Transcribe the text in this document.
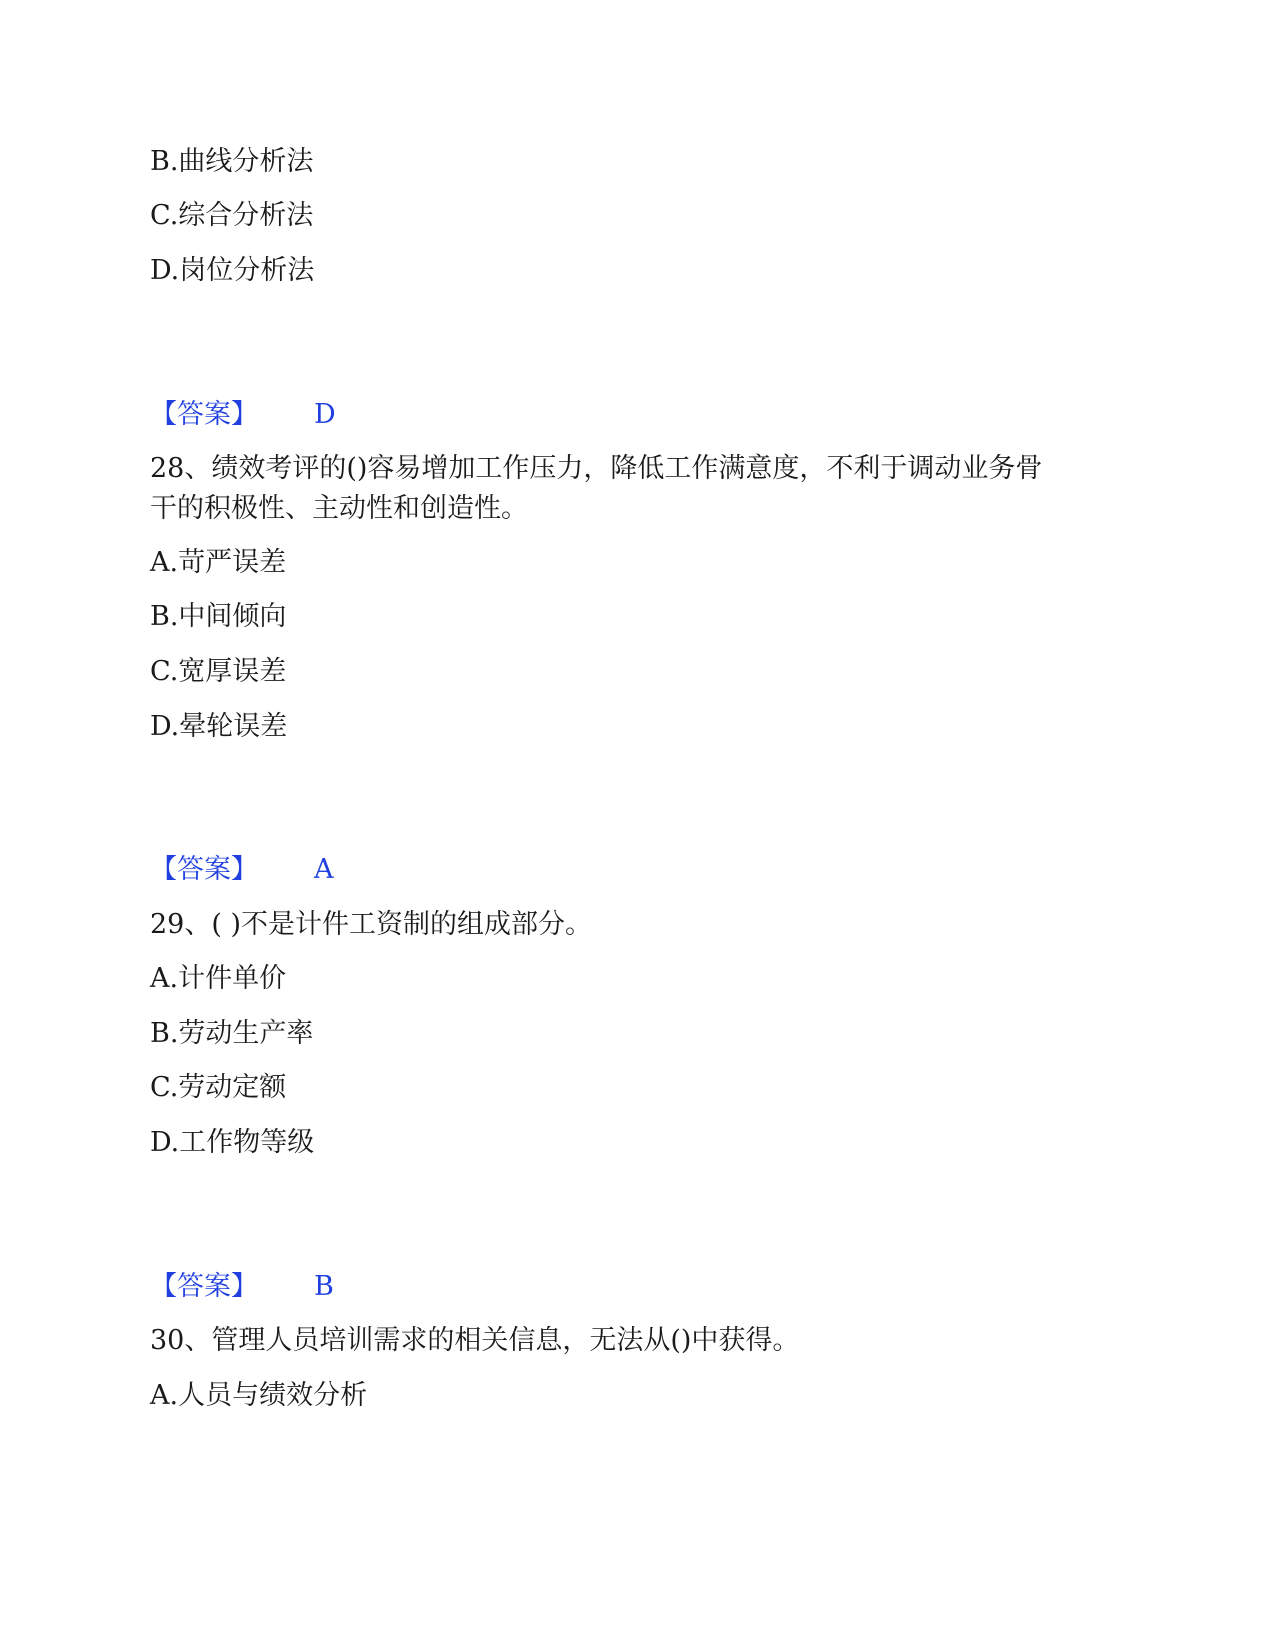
B.曲线分析法
C.综合分析法
D.岗位分析法
【答案】 D
28、绩效考评的()容易增加工作压力，降低工作满意度，不利于调动业务骨
干的积极性、主动性和创造性。
A.苛严误差
B.中间倾向
C.宽厚误差
D.晕轮误差
【答案】 A
29、( )不是计件工资制的组成部分。
A.计件单价
B.劳动生产率
C.劳动定额
D.工作物等级
【答案】 B
30、管理人员培训需求的相关信息，无法从()中获得。
A.人员与绩效分析
